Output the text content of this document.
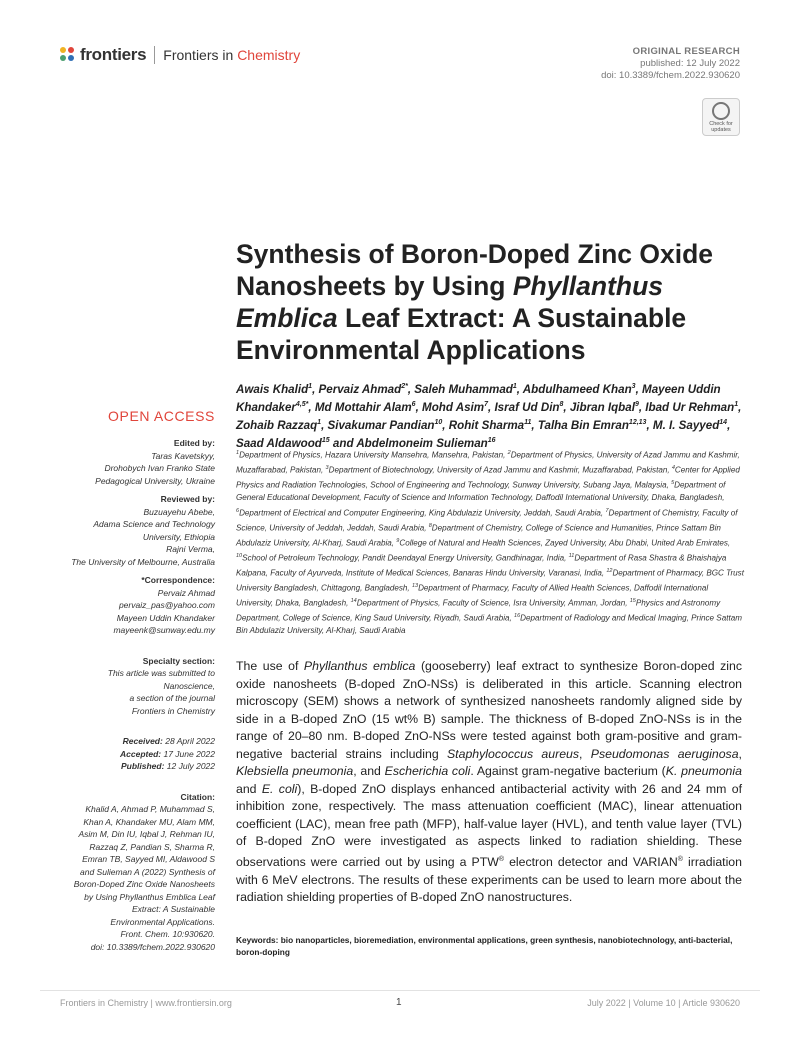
frontiers Frontiers in Chemistry	ORIGINAL RESEARCH
published: 12 July 2022
doi: 10.3389/fchem.2022.930620
Check for updates
Synthesis of Boron-Doped Zinc Oxide Nanosheets by Using Phyllanthus Emblica Leaf Extract: A Sustainable Environmental Applications
Awais Khalid$^1$, Pervaiz Ahmad$^{2*}$, Saleh Muhammad$^1$, Abdulhameed Khan$^3$, Mayeen Uddin Khandaker$^{4,5*}$, Md Mottahir Alam$^6$, Mohd Asim$^7$, Israf Ud Din$^8$, Jibran Iqbal$^9$, Ibad Ur Rehman$^1$, Zohaib Razzaq$^1$, Sivakumar Pandian$^{10}$, Rohit Sharma$^{11}$, Talha Bin Emran$^{12,13}$, M. I. Sayyed$^{14}$, Saad Aldawood$^{15}$ and Abdelmoneim Sulieman$^{16}$
$^1$Department of Physics, Hazara University Mansehra, Mansehra, Pakistan, $^2$Department of Physics, University of Azad Jammu and Kashmir, Muzaffarabad, Pakistan, $^3$Department of Biotechnology, University of Azad Jammu and Kashmir, Muzaffarabad, Pakistan, $^4$Center for Applied Physics and Radiation Technologies, School of Engineering and Technology, Sunway University, Subang Jaya, Malaysia, $^5$Department of General Educational Development, Faculty of Science and Information Technology, Daffodil International University, Dhaka, Bangladesh, $^6$Department of Electrical and Computer Engineering, King Abdulaziz University, Jeddah, Saudi Arabia, $^7$Department of Chemistry, Faculty of Science, University of Jeddah, Jeddah, Saudi Arabia, $^8$Department of Chemistry, College of Science and Humanities, Prince Sattam Bin Abdulaziz University, Al-Kharj, Saudi Arabia, $^9$College of Natural and Health Sciences, Zayed University, Abu Dhabi, United Arab Emirates, $^{10}$School of Petroleum Technology, Pandit Deendayal Energy University, Gandhinagar, India, $^{11}$Department of Rasa Shastra & Bhaishajya Kalpana, Faculty of Ayurveda, Institute of Medical Sciences, Banaras Hindu University, Varanasi, India, $^{12}$Department of Pharmacy, BGC Trust University Bangladesh, Chittagong, Bangladesh, $^{13}$Department of Pharmacy, Faculty of Allied Health Sciences, Daffodil International University, Dhaka, Bangladesh, $^{14}$Department of Physics, Faculty of Science, Isra University, Amman, Jordan, $^{15}$Physics and Astronomy Department, College of Science, King Saud University, Riyadh, Saudi Arabia, $^{16}$Department of Radiology and Medical Imaging, Prince Sattam Bin Abdulaziz University, Al-Kharj, Saudi Arabia
The use of Phyllanthus emblica (gooseberry) leaf extract to synthesize Boron-doped zinc oxide nanosheets (B-doped ZnO-NSs) is deliberated in this article. Scanning electron microscopy (SEM) shows a network of synthesized nanosheets randomly aligned side by side in a B-doped ZnO (15 wt% B) sample. The thickness of B-doped ZnO-NSs is in the range of 20–80 nm. B-doped ZnO-NSs were tested against both gram-positive and gram-negative bacterial strains including Staphylococcus aureus, Pseudomonas aeruginosa, Klebsiella pneumonia, and Escherichia coli. Against gram-negative bacterium (K. pneumonia and E. coli), B-doped ZnO displays enhanced antibacterial activity with 26 and 24 mm of inhibition zone, respectively. The mass attenuation coefficient (MAC), linear attenuation coefficient (LAC), mean free path (MFP), half-value layer (HVL), and tenth value layer (TVL) of B-doped ZnO were investigated as aspects linked to radiation shielding. These observations were carried out by using a PTW® electron detector and VARIAN® irradiation with 6 MeV electrons. The results of these experiments can be used to learn more about the radiation shielding properties of B-doped ZnO nanostructures.
Keywords: bio nanoparticles, bioremediation, environmental applications, green synthesis, nanobiotechnology, anti-bacterial, boron-doping
OPEN ACCESS
Edited by:
Taras Kavetskyy,
Drohobych Ivan Franko State
Pedagogical University, Ukraine
Reviewed by:
Buzuayehu Abebe,
Adama Science and Technology
University, Ethiopia
Rajni Verma,
The University of Melbourne, Australia
*Correspondence:
Pervaiz Ahmad
pervaiz_pas@yahoo.com
Mayeen Uddin Khandaker
mayeenk@sunway.edu.my
Specialty section:
This article was submitted to
Nanoscience,
a section of the journal
Frontiers in Chemistry
Received: 28 April 2022
Accepted: 17 June 2022
Published: 12 July 2022
Citation:
Khalid A, Ahmad P, Muhammad S,
Khan A, Khandaker MU, Alam MM,
Asim M, Din IU, Iqbal J, Rehman IU,
Razzaq Z, Pandian S, Sharma R,
Emran TB, Sayyed MI, Aldawood S
and Sulieman A (2022) Synthesis of
Boron-Doped Zinc Oxide Nanosheets
by Using Phyllanthus Emblica Leaf
Extract: A Sustainable
Environmental Applications.
Front. Chem. 10:930620.
doi: 10.3389/fchem.2022.930620
Frontiers in Chemistry | www.frontiersin.org	1	July 2022 | Volume 10 | Article 930620
